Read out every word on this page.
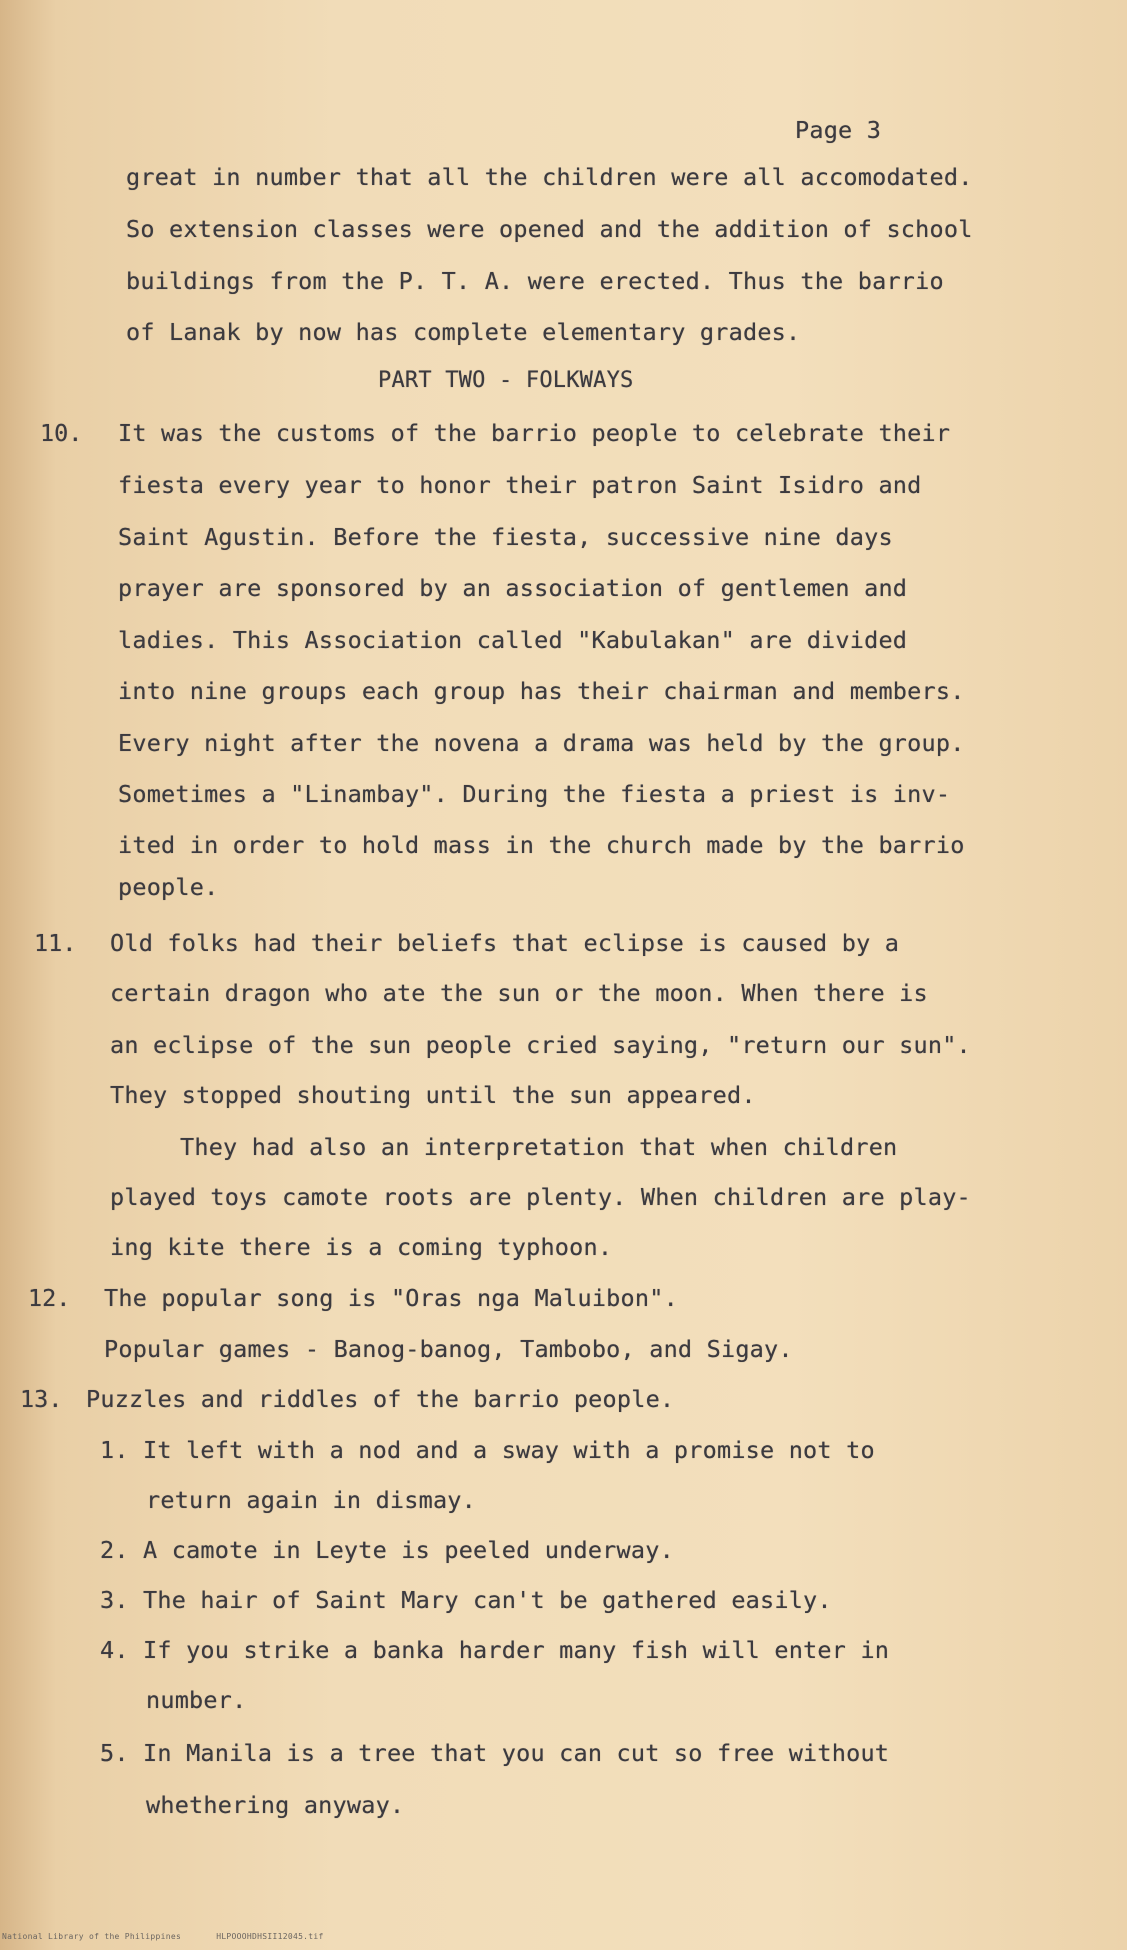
Page 3

great in number that all the children were all accomodated.

So extension classes were opened and the addition of school

buildings from the P. T. A. were erected. Thus the barrio

of Lanak by now has complete elementary grades.

PART TWO - FOLKWAYS

10. It was the customs of the barrio people to celebrate their

fiesta every year to honor their patron Saint Isidro and

Saint Agustin. Before the fiesta, successive nine days

prayer are sponsored by an association of gentlemen and

ladies. This Association called "Kabulakan" are divided

into nine groups each group has their chairman and members.

Every night after the novena a drama was held by the group.

Sometimes a "Linambay". During the fiesta a priest is inv-

ited in order to hold mass in the church made by the barrio

people.

11. Old folks had their beliefs that eclipse is caused by a

certain dragon who ate the sun or the moon. When there is

an eclipse of the sun people cried saying, "return our sun".

They stopped shouting until the sun appeared.

They had also an interpretation that when children

played toys camote roots are plenty. When children are play-

ing kite there is a coming typhoon.

12. The popular song is "Oras nga Maluibon".

Popular games - Banog-banog, Tambobo, and Sigay.

13. Puzzles and riddles of the barrio people.

1. It left with a nod and a sway with a promise not to

return again in dismay.

2. A camote in Leyte is peeled underway.

3. The hair of Saint Mary can't be gathered easily.

4. If you strike a banka harder many fish will enter in

number.

5. In Manila is a tree that you can cut so free without

whethering anyway.

National Library of the Philippines	HLPOOOHDHSII12045.tif
